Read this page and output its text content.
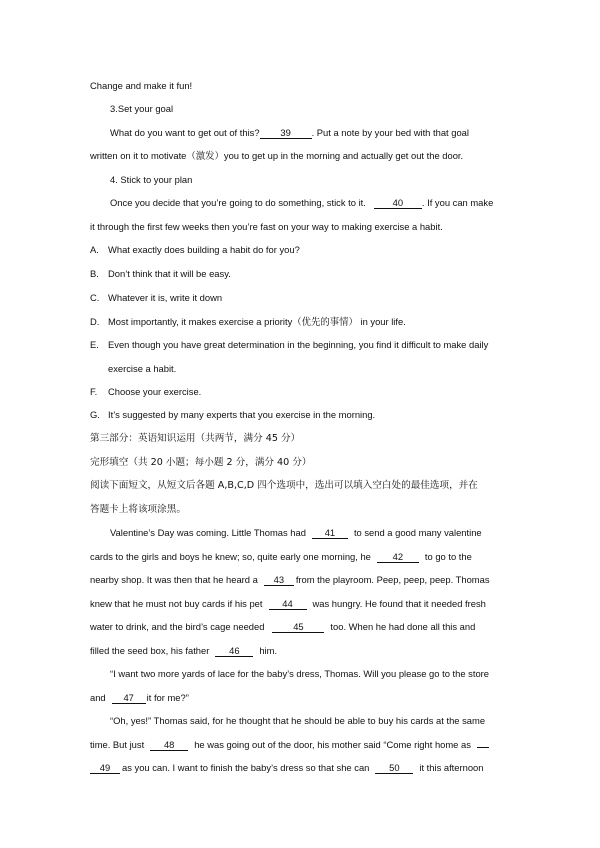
Change and make it fun!
3.Set your goal
What do you want to get out of this? 39 . Put a note by your bed with that goal
written on it to motivate（激发）you to get up in the morning and actually get out the door.
4. Stick to your plan
Once you decide that you’re going to do something, stick to it.	40 . If you can make
it through the first few weeks then you’re fast on your way to making exercise a habit.
A. What exactly does building a habit do for you?
B. Don’t think that it will be easy.
C. Whatever it is, write it down
D. Most importantly, it makes exercise a priority（优先的事情） in your life.
E. Even though you have great determination in the beginning, you find it difficult to make daily
exercise a habit.
F. Choose your exercise.
G. It’s suggested by many experts that you exercise in the morning.
第三部分：英语知识运用（共两节，满分 45 分）
完形填空（共 20 小题；每小题 2 分，满分 40 分）
阅读下面短文，从短文后各题 A,B,C,D 四个选项中，选出可以填入空白处的最佳选项，并在
答题卡上将该项涂黑。
Valentine’s Day was coming. Little Thomas had 41 to send a good many valentine
cards to the girls and boys he knew; so, quite early one morning, he 42 to go to the
nearby shop. It was then that he heard a 43 from the playroom. Peep, peep, peep. Thomas
knew that he must not buy cards if his pet 44 was hungry. He found that it needed fresh
water to drink, and the bird’s cage needed	45	too. When he had done all this and
filled the seed box, his father 46 him.
“I want two more yards of lace for the baby’s dress, Thomas. Will you please go to the store
and 47 it for me?”
“Oh, yes!” Thomas said, for he thought that he should be able to buy his cards at the same
time. But just 48 he was going out of the door, his mother said “Come right home as
49 as you can. I want to finish the baby’s dress so that she can 50 it this afternoon
